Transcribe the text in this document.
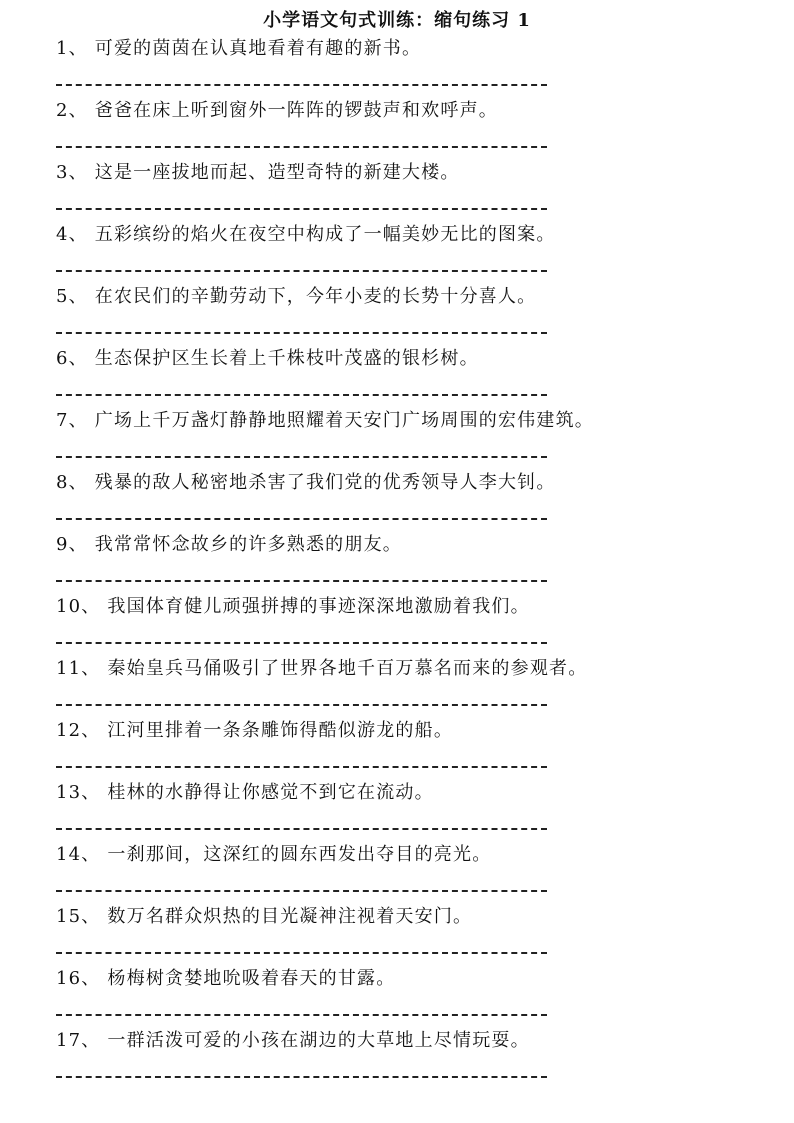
小学语文句式训练：缩句练习 1
1、 可爱的茵茵在认真地看着有趣的新书。
2、 爸爸在床上听到窗外一阵阵的锣鼓声和欢呼声。
3、 这是一座拔地而起、造型奇特的新建大楼。
4、 五彩缤纷的焰火在夜空中构成了一幅美妙无比的图案。
5、 在农民们的辛勤劳动下，今年小麦的长势十分喜人。
6、 生态保护区生长着上千株枝叶茂盛的银杉树。
7、 广场上千万盏灯静静地照耀着天安门广场周围的宏伟建筑。
8、 残暴的敌人秘密地杀害了我们党的优秀领导人李大钊。
9、 我常常怀念故乡的许多熟悉的朋友。
10、 我国体育健儿顽强拼搏的事迹深深地激励着我们。
11、 秦始皇兵马俑吸引了世界各地千百万慕名而来的参观者。
12、 江河里排着一条条雕饰得酷似游龙的船。
13、 桂林的水静得让你感觉不到它在流动。
14、 一刹那间，这深红的圆东西发出夺目的亮光。
15、 数万名群众炽热的目光凝神注视着天安门。
16、 杨梅树贪婪地吮吸着春天的甘露。
17、 一群活泼可爱的小孩在湖边的大草地上尽情玩耍。
